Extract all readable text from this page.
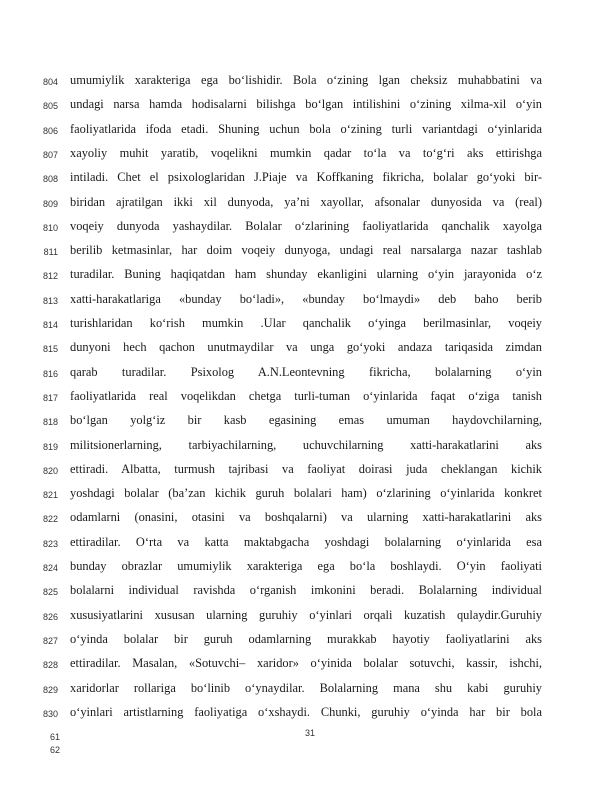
804 umumiylik xarakteriga ega bo‘lishidir. Bola o‘zining lgan cheksiz muhabbatini va
805 undagi narsa hamda hodisalarni bilishga bo‘lgan intilishini o‘zining xilma-xil o‘yin
806 faoliyatlarida ifoda etadi. Shuning uchun bola o‘zining turli variantdagi o‘yinlarida
807 xayoliy muhit yaratib, voqelikni mumkin qadar to‘la va to‘g‘ri aks ettirishga
808 intiladi. Chet el psixologlaridan J.Piaje va Koffkaning fikricha, bolalar go‘yoki bir-
809 biridan ajratilgan ikki xil dunyoda, ya’ni xayollar, afsonalar dunyosida va (real)
810 voqeiy dunyoda yashaydilar. Bolalar o‘zlarining faoliyatlarida qanchalik xayolga
811 berilib ketmasinlar, har doim voqeiy dunyoga, undagi real narsalarga nazar tashlab
812 turadilar. Buning haqiqatdan ham shunday ekanligini ularning o‘yin jarayonida o‘z
813 xatti-harakatlariga «bunday bo‘ladi», «bunday bo‘lmaydi» deb baho berib
814 turishlaridan ko‘rish mumkin .Ular qanchalik o‘yinga berilmasinlar, voqeiy
815 dunyoni hech qachon unutmaydilar va unga go‘yoki andaza tariqasida zimdan
816 qarab turadilar. Psixolog A.N.Leontevning fikricha, bolalarning o‘yin
817 faoliyatlarida real voqelikdan chetga turli-tuman o‘yinlarida faqat o‘ziga tanish
818 bo‘lgan yolg‘iz bir kasb egasining emas umuman haydovchilarning,
819 militsionerlarning, tarbiyachilarning, uchuvchilarning xatti-harakatlarini aks
820 ettiradi. Albatta, turmush tajribasi va faoliyat doirasi juda cheklangan kichik
821 yoshdagi bolalar (ba’zan kichik guruh bolalari ham) o‘zlarining o‘yinlarida konkret
822 odamlarni (onasini, otasini va boshqalarni) va ularning xatti-harakatlarini aks
823 ettiradilar. O‘rta va katta maktabgacha yoshdagi bolalarning o‘yinlarida esa
824 bunday obrazlar umumiylik xarakteriga ega bo‘la boshlaydi. O‘yin faoliyati
825 bolalarni individual ravishda o‘rganish imkonini beradi. Bolalarning individual
826 xususiyatlarini xususan ularning guruhiy o‘yinlari orqali kuzatish qulaydir.Guruhiy
827 o‘yinda bolalar bir guruh odamlarning murakkab hayotiy faoliyatlarini aks
828 ettiradilar. Masalan, «Sotuvchi– xaridor» o‘yinida bolalar sotuvchi, kassir, ishchi,
829 xaridorlar rollariga bo‘linib o‘ynaydilar. Bolalarning mana shu kabi guruhiy
830 o‘yinlari artistlarning faoliyatiga o‘xshaydi. Chunki, guruhiy o‘yinda har bir bola
31
61
62
